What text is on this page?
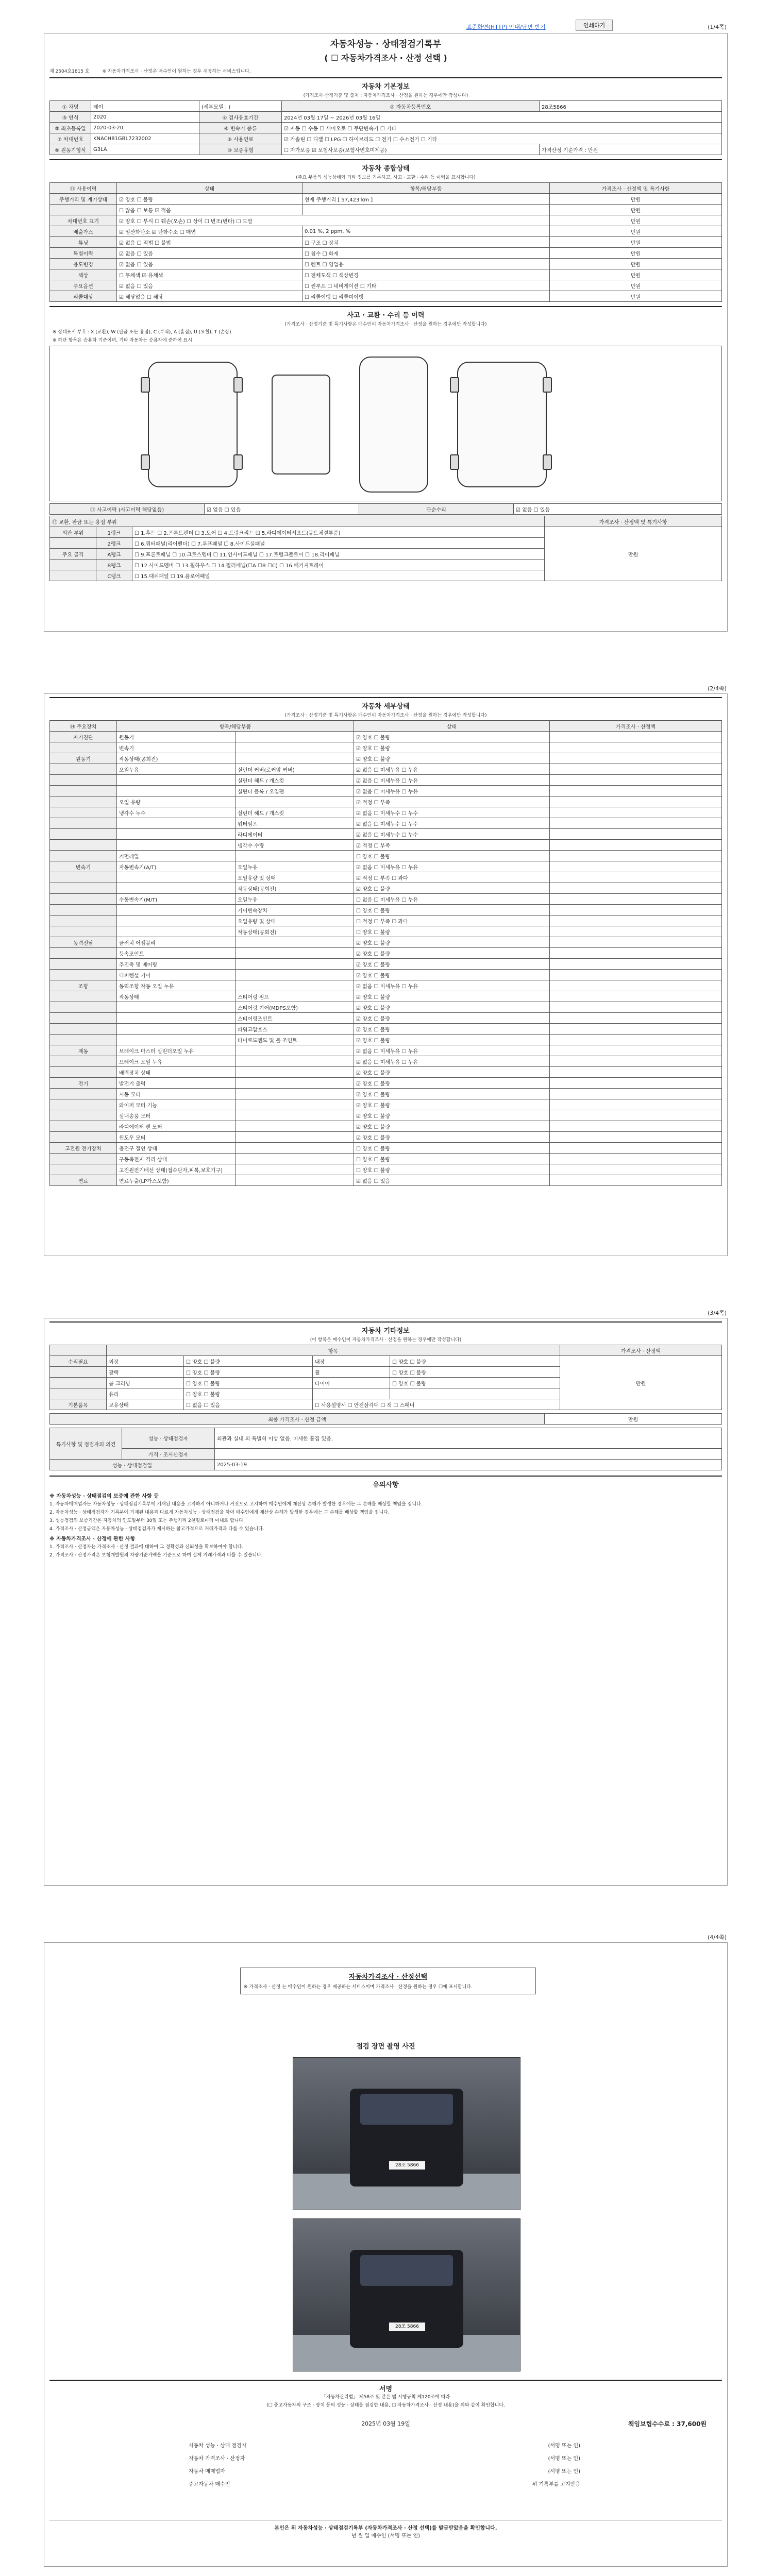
표준화면(HTTP) 안내/답변 받기	인쇄하기	(1/4쪽)
자동차성능 · 상태점검기록부
( ☐ 자동차가격조사 · 산정 선택 )
제 2504호1815 호	※ 자동차가격조사 · 산정은 매수인이 원하는 경우 제공하는 서비스입니다.
자동차 기본정보
(가격조사·산정기준 및 출처 : 자동차가격조사 · 산정을 원하는 경우에만 작성니다)
① 차명	레이	(세부모델 : )	② 자동차등록번호	28조5866
③ 연식	2020	④ 검사유효기간	2024년 03월 17일 ~ 2026년 03월 16일	
⑤ 최초등록일	2020-03-20	⑥ 변속기 종류	☑ 자동 ☐ 수동 ☐ 세미오토 ☐ 무단변속기 ☐ 기타	
⑦ 차대번호	KNACH81GBL7232002	⑧ 사용연료	☑ 가솔린 ☐ 디젤 ☐ LPG ☐ 하이브리드 ☐ 전기 ☐ 수소전기 ☐ 기타	
⑨ 원동기형식	G3LA	⑩ 보증유형	☐ 자가보증 ☑ 보험사보증(보험사번호미제공)	가격산정 기준가격 : 만원
자동차 종합상태
(주요 부품의 성능상태와 기타 정보를 기록하고, 사고 · 교환 · 수리 등 이력을 표시합니다)
⑪ 사용이력	상태	항목/해당부품	가격조사 · 산정액 및 특기사항
주행거리 및 계기상태	☑ 양호 ☐ 불량	현재 주행거리 [ 57,423 km ]	만원
	☐ 많음 ☐ 보통 ☑ 적음		만원
차대번호 표기	☑ 양호 ☐ 부식 ☐ 훼손(오손) ☐ 상이 ☐ 변조(변타) ☐ 도말		만원
배출가스	☑ 일산화탄소 ☑ 탄화수소 ☐ 매연	0.01 %, 2 ppm, %	만원
튜닝	☑ 없음 ☐ 적법 ☐ 불법	☐ 구조 ☐ 장치	만원
특별이력	☑ 없음 ☐ 있음	☐ 침수 ☐ 화재	만원
용도변경	☑ 없음 ☐ 있음	☐ 렌트 ☐ 영업용	만원
색상	☐ 무채색 ☑ 유채색	☐ 전체도색 ☐ 색상변경	만원
주요옵션	☑ 없음 ☐ 있음	☐ 썬루프 ☐ 네비게이션 ☐ 기타	만원
리콜대상	☑ 해당없음 ☐ 해당	☐ 리콜이행 ☐ 리콜미이행	만원
사고 · 교환 · 수리 등 이력
(가격조사 · 산정기준 및 특기사항은 매수인이 자동차가격조사 · 산정을 원하는 경우에만 작성합니다)

※ 상태표시 부호 : X (교환), W (판금 또는 용접), C (부식), A (흠집), U (요철), T (손상)

※ 하단 항목은 승용차 기준이며, 기타 자동차는 승용차에 준하여 표시

⑫ 사고이력 (사고이력 해당없음)	☑ 없음 ☐ 있음	단순수리	☑ 없음 ☐ 있음
⑬ 교환, 판금 또는 용접 부위			가격조사 · 산정액 및 특기사항
외판 부위	1랭크	☐ 1.후드 ☐ 2.프론트펜더 ☐ 3.도어 ☐ 4.트렁크리드 ☐ 5.라디에이터서포트(볼트체결부품)	만원
	2랭크	☐ 6.쿼터패널(리어펜더) ☐ 7.루프패널 ☐ 8.사이드실패널	
주요 골격	A랭크	☐ 9.프론트패널 ☐ 10.크로스멤버 ☐ 11.인사이드패널 ☐ 17.트렁크플로어 ☐ 18.리어패널	
	B랭크	☐ 12.사이드멤버 ☐ 13.휠하우스 ☐ 14.필러패널(☐A ☐B ☐C) ☐ 16.패키지트레이	
	C랭크	☐ 15.대쉬패널 ☐ 19.플로어패널	
(2/4쪽)
자동차 세부상태
(가격조사 · 산정기준 및 특기사항은 매수인이 자동차가격조사 · 산정을 원하는 경우에만 작성합니다)
⑭ 주요장치	항목/해당부품		상태	가격조사 · 산정액
자기진단	원동기		☑ 양호 ☐ 불량	
	변속기		☑ 양호 ☐ 불량	
원동기	작동상태(공회전)		☑ 양호 ☐ 불량	
	오일누유	실린더 커버(로커암 커버)	☑ 없음 ☐ 미세누유 ☐ 누유	
		실린더 헤드 / 개스킷	☑ 없음 ☐ 미세누유 ☐ 누유	
		실린더 블록 / 오일팬	☑ 없음 ☐ 미세누유 ☐ 누유	
	오일 유량		☑ 적정 ☐ 부족	
	냉각수 누수	실린더 헤드 / 개스킷	☑ 없음 ☐ 미세누수 ☐ 누수	
		워터펌프	☑ 없음 ☐ 미세누수 ☐ 누수	
		라디에이터	☑ 없음 ☐ 미세누수 ☐ 누수	
		냉각수 수량	☑ 적정 ☐ 부족	
	커먼레일		☐ 양호 ☐ 불량	
변속기	자동변속기(A/T)	오일누유	☑ 없음 ☐ 미세누유 ☐ 누유	
		오일유량 및 상태	☑ 적정 ☐ 부족 ☐ 과다	
		작동상태(공회전)	☑ 양호 ☐ 불량	
	수동변속기(M/T)	오일누유	☐ 없음 ☐ 미세누유 ☐ 누유	
		기어변속장치	☐ 양호 ☐ 불량	
		오일유량 및 상태	☐ 적정 ☐ 부족 ☐ 과다	
		작동상태(공회전)	☐ 양호 ☐ 불량	
동력전달	클러치 어셈블리		☑ 양호 ☐ 불량	
	등속조인트		☑ 양호 ☐ 불량	
	추진축 및 베어링		☑ 양호 ☐ 불량	
	디퍼렌셜 기어		☑ 양호 ☐ 불량	
조향	동력조향 작동 오일 누유		☑ 없음 ☐ 미세누유 ☐ 누유	
	작동상태	스티어링 펌프	☑ 양호 ☐ 불량	
		스티어링 기어(MDPS포함)	☑ 양호 ☐ 불량	
		스티어링조인트	☑ 양호 ☐ 불량	
		파워고압호스	☑ 양호 ☐ 불량	
		타이로드엔드 및 볼 조인트	☑ 양호 ☐ 불량	
제동	브레이크 마스터 실린더오일 누유		☑ 없음 ☐ 미세누유 ☐ 누유	
	브레이크 오일 누유		☑ 없음 ☐ 미세누유 ☐ 누유	
	배력장치 상태		☑ 양호 ☐ 불량	
전기	발전기 출력		☑ 양호 ☐ 불량	
	시동 모터		☑ 양호 ☐ 불량	
	와이퍼 모터 기능		☑ 양호 ☐ 불량	
	실내송풍 모터		☑ 양호 ☐ 불량	
	라디에이터 팬 모터		☑ 양호 ☐ 불량	
	윈도우 모터		☑ 양호 ☐ 불량	
고전원 전기장치	충전구 절연 상태		☐ 양호 ☐ 불량	
	구동축전지 격리 상태		☐ 양호 ☐ 불량	
	고전원전기배선 상태(접속단자,피복,보호기구)		☐ 양호 ☐ 불량	
연료	연료누출(LP가스포함)		☑ 없음 ☐ 있음	
(3/4쪽)
자동차 기타정보
(이 항목은 매수인이 자동차가격조사 · 산정을 원하는 경우에만 작성합니다)
	항목				가격조사 · 산정액
수리필요	외장	☐ 양호 ☐ 불량	내장	☐ 양호 ☐ 불량	만원
	광택	☐ 양호 ☐ 불량	휠	☐ 양호 ☐ 불량	
	룸 크리닝	☐ 양호 ☐ 불량	타이어	☐ 양호 ☐ 불량	
	유리	☐ 양호 ☐ 불량			
기본품목	보유상태	☐ 없음 ☐ 있음	☐ 사용설명서 ☐ 안전삼각대 ☐ 잭 ☐ 스패너		
최종 가격조사 · 산정 금액	만원
특기사항 및 점검자의 의견	성능 · 상태점검자	외관과 실내 외 특별히 이상 없음. 미세한 흠집 있음.
	가격 · 조사산정자	
성능 · 상태점검일		2025-03-19
유의사항

※ 자동차성능 · 상태점검의 보증에 관한 사항 등

1. 자동차매매업자는 자동차성능 · 상태점검기록부에 기재된 내용을 고지하지 아니하거나 거짓으로 고지하여 매수인에게 재산상 손해가 발생한 경우에는 그 손해를 배상할 책임을 집니다.

2. 자동차성능 · 상태점검자가 기록부에 기재된 내용과 다르게 자동차성능 · 상태점검을 하여 매수인에게 재산상 손해가 발생한 경우에는 그 손해를 배상할 책임을 집니다.

3. 성능점검의 보증기간은 자동차의 인도일부터 30일 또는 주행거리 2천킬로미터 이내로 합니다.

4. 가격조사 · 산정금액은 자동차성능 · 상태점검자가 제시하는 참고가격으로 거래가격과 다를 수 있습니다.

※ 자동차가격조사 · 산정에 관한 사항

1. 가격조사 · 산정자는 가격조사 · 산정 결과에 대하여 그 정확성과 신뢰성을 확보하여야 합니다.

2. 가격조사 · 산정가격은 보험개발원의 차량기준가액을 기준으로 하며 실제 거래가격과 다를 수 있습니다.

(4/4쪽)
자동차가격조사 · 산정선택
※ 가격조사 · 산정 는 매수인이 원하는 경우 제공하는 서비스이며 가격조사 · 산정을 원하는 경우 ☐에 표시합니다.
점검 장면 촬영 사진
28조 5866
28조 5866
서명

「자동차관리법」 제58조 및 같은 법 시행규칙 제120조에 따라

(☐ 중고자동차의 구조 · 장치 등의 성능 · 상태를 점검한 내용, ☐ 자동차가격조사 · 산정 내용)을 위와 같이 확인합니다.

2025년 03월 19일	책임보험수수료 : 37,600원
자동차 성능 · 상태 점검자	(서명 또는 인)
자동차 가격조사 · 산정자	(서명 또는 인)
자동차 매매업자	(서명 또는 인)
중고자동차 매수인	위 기록부를 고지받음
본인은 위 자동차성능 · 상태점검기록부 (자동차가격조사 · 산정 선택)를 발급받았음을 확인합니다.
년 월 일 매수인 (서명 또는 인)
